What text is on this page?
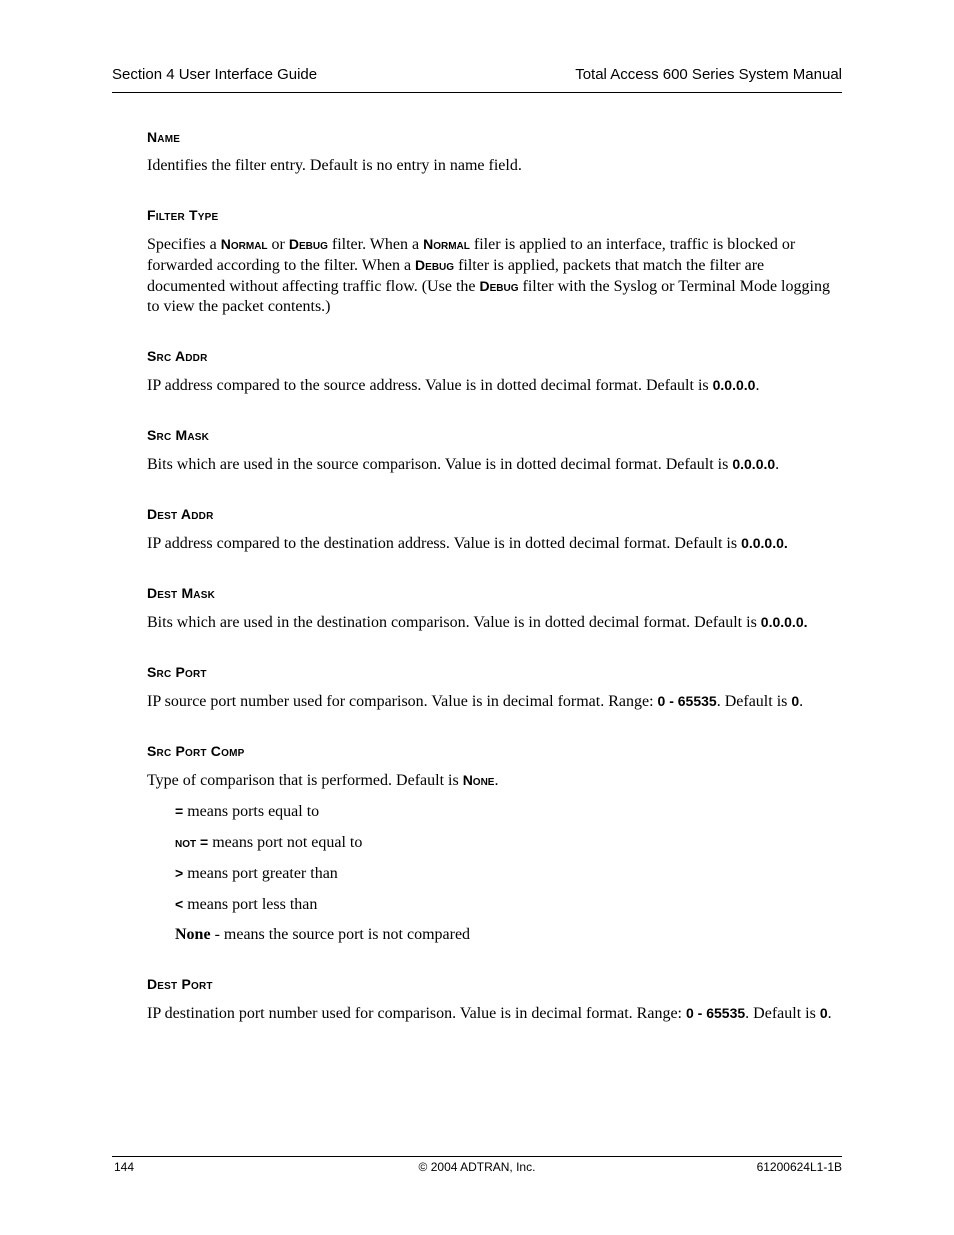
Section 4 User Interface Guide	Total Access 600 Series System Manual
Name

Identifies the filter entry. Default is no entry in name field.

Filter Type

Specifies a Normal or Debug filter. When a Normal filer is applied to an interface, traffic is blocked or forwarded according to the filter. When a Debug filter is applied, packets that match the filter are documented without affecting traffic flow. (Use the Debug filter with the Syslog or Terminal Mode logging to view the packet contents.)

Src Addr

IP address compared to the source address. Value is in dotted decimal format. Default is 0.0.0.0.

Src Mask

Bits which are used in the source comparison. Value is in dotted decimal format. Default is 0.0.0.0.

Dest Addr

IP address compared to the destination address. Value is in dotted decimal format. Default is 0.0.0.0.

Dest Mask

Bits which are used in the destination comparison. Value is in dotted decimal format. Default is 0.0.0.0.

Src Port

IP source port number used for comparison. Value is in decimal format. Range: 0 - 65535. Default is 0.

Src Port Comp

Type of comparison that is performed. Default is None.

= means ports equal to
not = means port not equal to
> means port greater than
< means port less than
None - means the source port is not compared
Dest Port

IP destination port number used for comparison. Value is in decimal format. Range: 0 - 65535. Default is 0.

144	© 2004 ADTRAN, Inc.	61200624L1-1B
